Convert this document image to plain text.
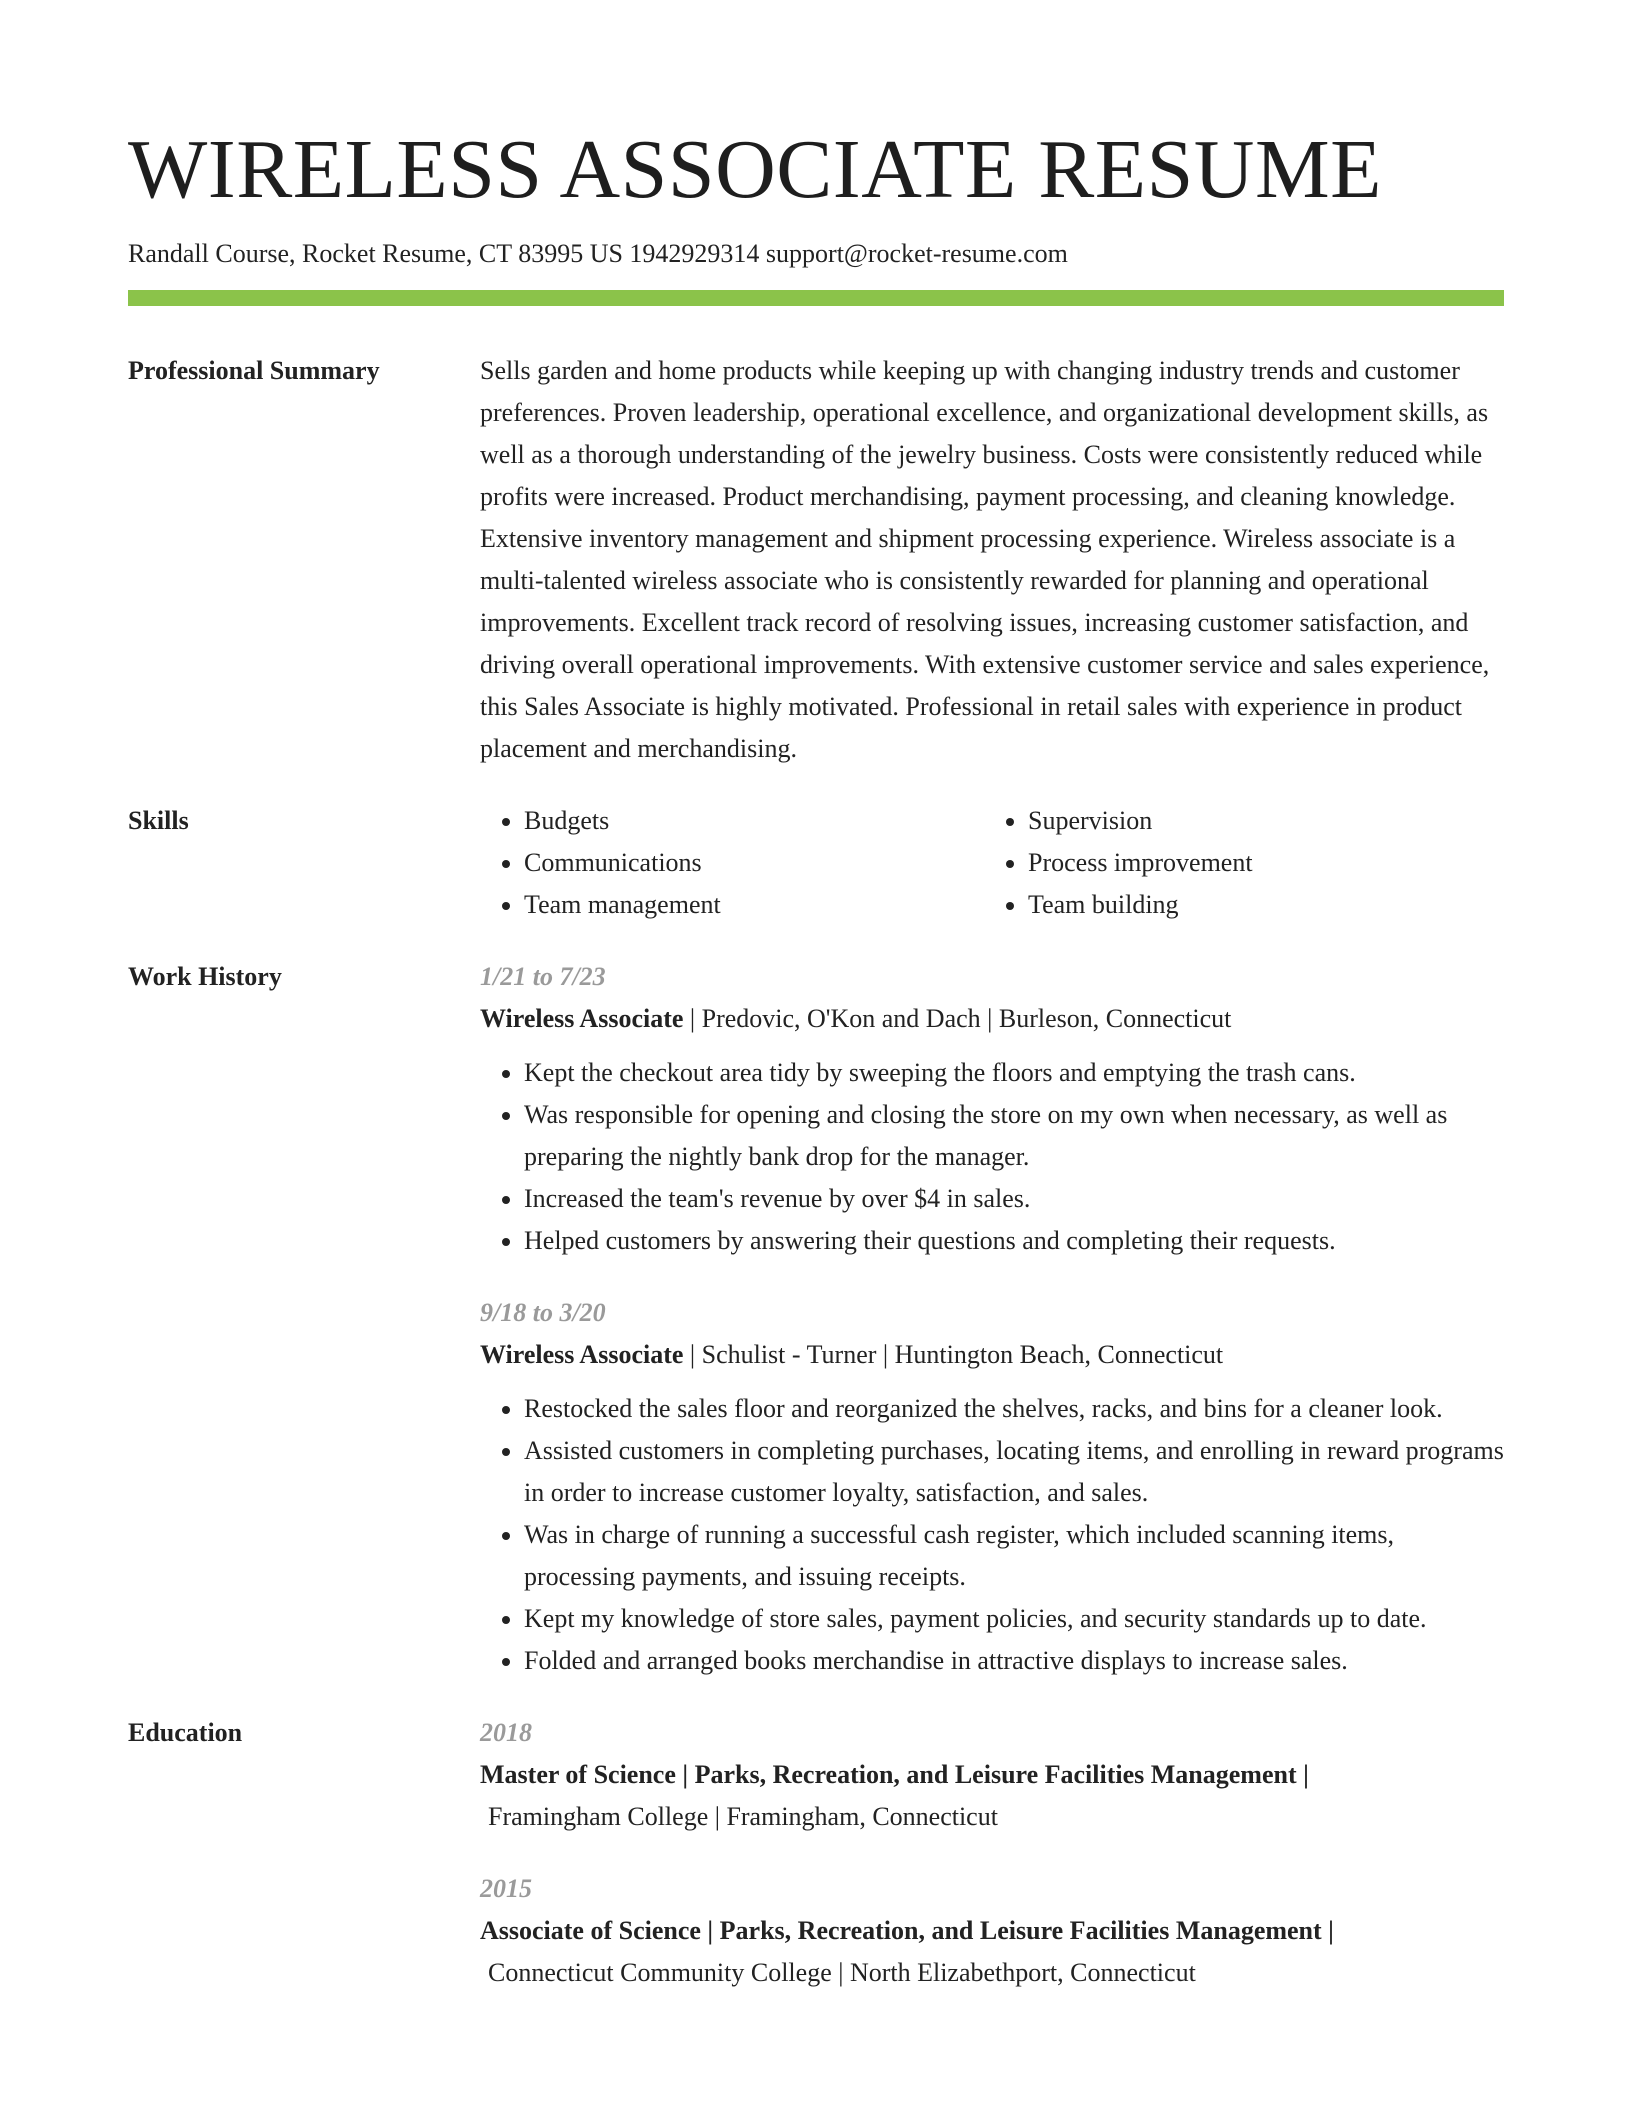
WIRELESS ASSOCIATE RESUME
Randall Course, Rocket Resume, CT 83995 US 1942929314 support@rocket-resume.com
Professional Summary	Sells garden and home products while keeping up with changing industry trends and customer preferences. Proven leadership, operational excellence, and organizational development skills, as well as a thorough understanding of the jewelry business. Costs were consistently reduced while profits were increased. Product merchandising, payment processing, and cleaning knowledge. Extensive inventory management and shipment processing experience. Wireless associate is a multi-talented wireless associate who is consistently rewarded for planning and operational improvements. Excellent track record of resolving issues, increasing customer satisfaction, and driving overall operational improvements. With extensive customer service and sales experience, this Sales Associate is highly motivated. Professional in retail sales with experience in product placement and merchandising.

Skills
•	Budgets
• Communications
• Team management
• Supervision
• Process improvement
• Team building
Work History	1/21 to 7/23
Wireless Associate | Predovic, O'Kon and Dach | Burleson, Connecticut
• Kept the checkout area tidy by sweeping the floors and emptying the trash cans.
• Was responsible for opening and closing the store on my own when necessary, as well as preparing the nightly bank drop for the manager.
• Increased the team's revenue by over $4 in sales.
• Helped customers by answering their questions and completing their requests.
9/18 to 3/20
Wireless Associate | Schulist - Turner | Huntington Beach, Connecticut
• Restocked the sales floor and reorganized the shelves, racks, and bins for a cleaner look.
• Assisted customers in completing purchases, locating items, and enrolling in reward programs in order to increase customer loyalty, satisfaction, and sales.
• Was in charge of running a successful cash register, which included scanning items, processing payments, and issuing receipts.
• Kept my knowledge of store sales, payment policies, and security standards up to date.
• Folded and arranged books merchandise in attractive displays to increase sales.
Education	2018
Master of Science | Parks, Recreation, and Leisure Facilities Management |
Framingham College | Framingham, Connecticut
2015
Associate of Science | Parks, Recreation, and Leisure Facilities Management |
Connecticut Community College | North Elizabethport, Connecticut
